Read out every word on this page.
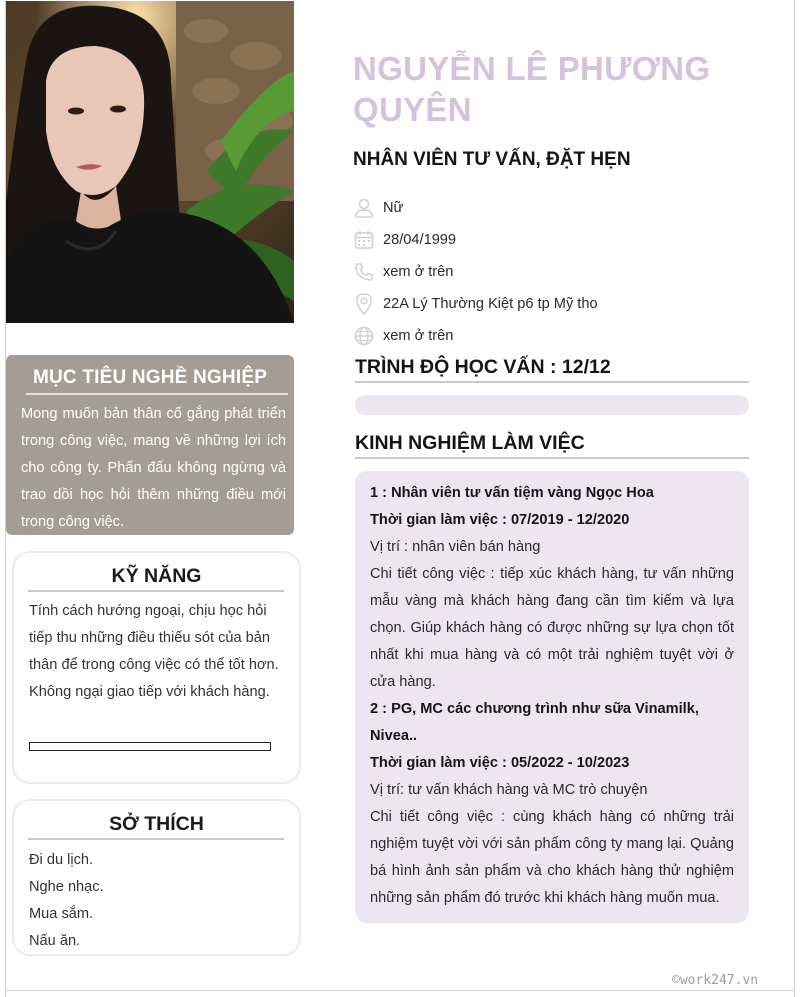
MỤC TIÊU NGHỀ NGHIỆP

Mong muốn bản thân cố gắng phát triển trong công việc, mang về những lợi ích cho công ty. Phấn đấu không ngừng và trao dồi học hỏi thêm những điều mới trong công việc.

KỸ NĂNG

Tính cách hướng ngoại, chịu học hỏi tiếp thu những điều thiếu sót của bản thân để trong công việc có thể tốt hơn. Không ngại giao tiếp với khách hàng.

SỞ THÍCH
Đi du lịch.
Nghe nhạc.
Mua sắm.
Nấu ăn.
NGUYỄN LÊ PHƯƠNG QUYÊN
NHÂN VIÊN TƯ VẤN, ĐẶT HẸN
Nữ
28/04/1999
xem ở trên
22A Lý Thường Kiệt p6 tp Mỹ tho
xem ở trên
TRÌNH ĐỘ HỌC VẤN : 12/12
KINH NGHIỆM LÀM VIỆC
1 : Nhân viên tư vấn tiệm vàng Ngọc Hoa
Thời gian làm việc : 07/2019 - 12/2020
Vị trí : nhân viên bán hàng
Chi tiết công việc : tiếp xúc khách hàng, tư vấn những mẫu vàng mà khách hàng đang cần tìm kiếm và lựa chọn. Giúp khách hàng có được những sự lựa chọn tốt nhất khi mua hàng và có một trải nghiệm tuyệt vời ở cửa hàng.
2 : PG, MC các chương trình như sữa Vinamilk, Nivea..
Thời gian làm việc : 05/2022 - 10/2023
Vị trí: tư vấn khách hàng và MC trò chuyện
Chi tiết công việc : cùng khách hàng có những trải nghiệm tuyệt vời với sản phẩm công ty mang lại. Quảng bá hình ảnh sản phẩm và cho khách hàng thử nghiệm những sản phẩm đó trước khi khách hàng muốn mua.
©work247.vn
